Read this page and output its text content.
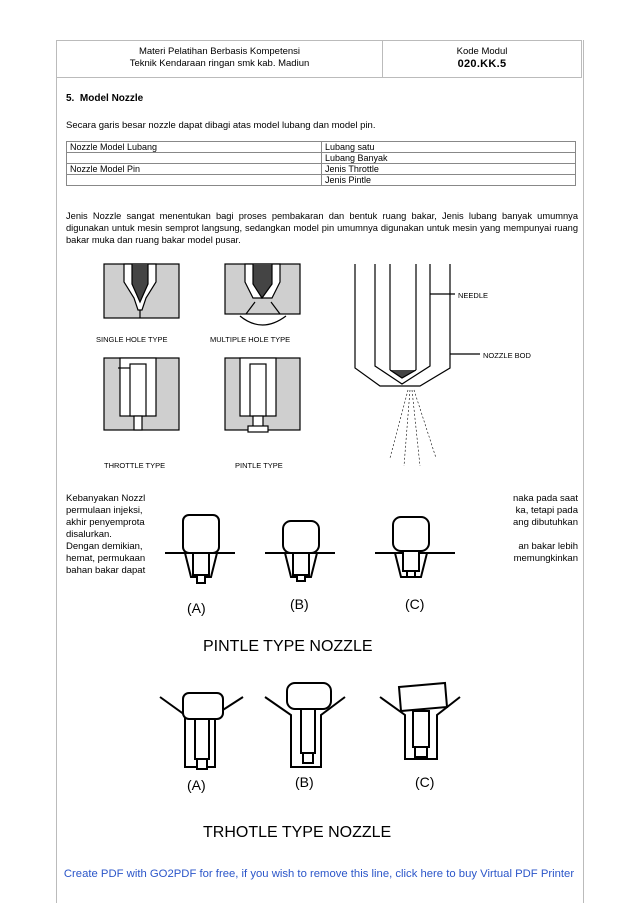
Materi Pelatihan Berbasis Kompetensi
Teknik Kendaraan ringan smk kab. Madiun
Kode Modul
020.KK.5
5. Model Nozzle
Secara garis besar nozzle dapat dibagi atas model lubang dan model pin.
Nozzle Model Lubang	Lubang satu
	Lubang Banyak
Nozzle Model Pin	Jenis Throttle
	Jenis Pintle
Jenis Nozzle sangat menentukan bagi proses pembakaran dan bentuk ruang bakar, Jenis lubang banyak umumnya digunakan untuk mesin semprot langsung, sedangkan model pin umumnya digunakan untuk mesin yang mempunyai ruang bakar muka dan ruang bakar model pusar.
SINGLE HOLE TYPE	MULTIPLE HOLE TYPE
THROTTLE TYPE	PINTLE TYPE
NEEDLE
NOZZLE BOD
Kebanyakan Nozzl	naka pada saat
permulaan injeksi,	ka, tetapi pada
akhir penyemprota	ang dibutuhkan
disalurkan.
Dengan demikian,	an bakar lebih
hemat, permukaan	memungkinkan
bahan bakar dapat
(A)	(B)	(C)
PINTLE TYPE NOZZLE
(A)	(B)	(C)
TRHOTLE TYPE NOZZLE
Create PDF with GO2PDF for free, if you wish to remove this line, click here to buy Virtual PDF Printer
